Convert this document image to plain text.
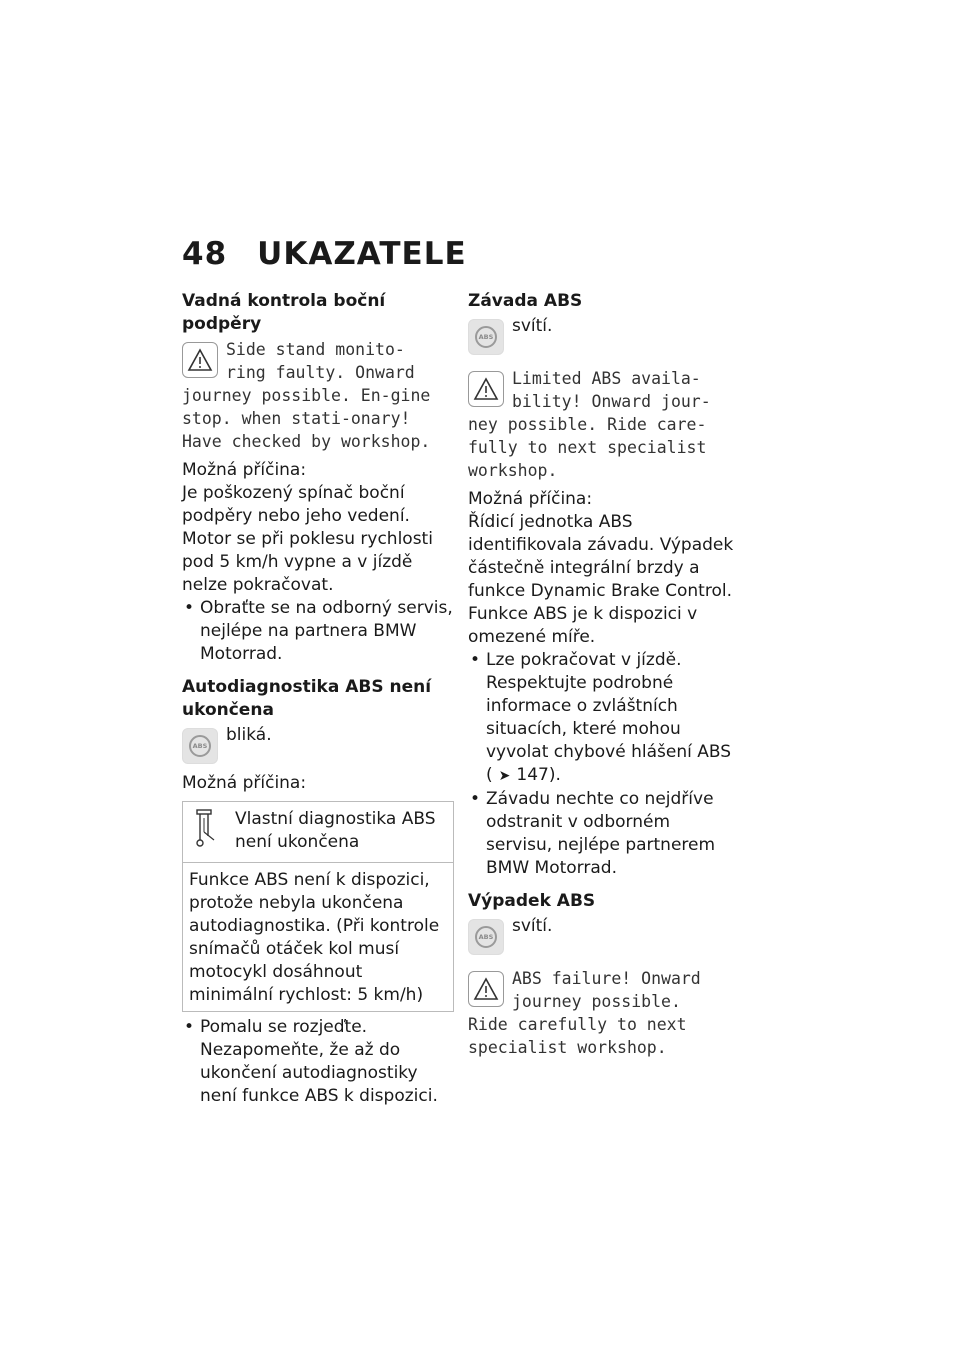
48 UKAZATELE
Vadná kontrola boční podpěry
Side stand monito-
ring faulty. Onward
journey possible. En-gine stop. when stati-onary! Have checked by workshop.
Možná příčina:
Je poškozený spínač boční podpěry nebo jeho vedení. Motor se při poklesu rychlosti pod 5 km/h vypne a v jízdě nelze pokračovat.
• Obraťte se na odborný servis, nejlépe na partnera BMW Motorrad.
Autodiagnostika ABS není ukončena
ABS
bliká.
Možná příčina:
Vlastní diagnostika ABS není ukončena
Funkce ABS není k dispozici, protože nebyla ukončena autodiagnostika. (Při kontrole snímačů otáček kol musí motocykl dosáhnout minimální rychlost: 5 km/h)
• Pomalu se rozjeďte. Nezapomeňte, že až do ukončení autodiagnostiky není funkce ABS k dispozici.
Závada ABS
ABS
svítí.
Limited ABS availa-
bility! Onward jour-
ney possible. Ride care-fully to next specialist workshop.
Možná příčina:
Řídicí jednotka ABS identifikovala závadu. Výpadek částečně integrální brzdy a funkce Dynamic Brake Control. Funkce ABS je k dispozici v omezené míře.
• Lze pokračovat v jízdě. Respektujte podrobné informace o zvláštních situacích, které mohou vyvolat chybové hlášení ABS ( ➤ 147).
• Závadu nechte co nejdříve odstranit v odborném servisu, nejlépe partnerem BMW Motorrad.
Výpadek ABS
ABS
svítí.
ABS failure! Onward
journey possible.
Ride carefully to next specialist workshop.
